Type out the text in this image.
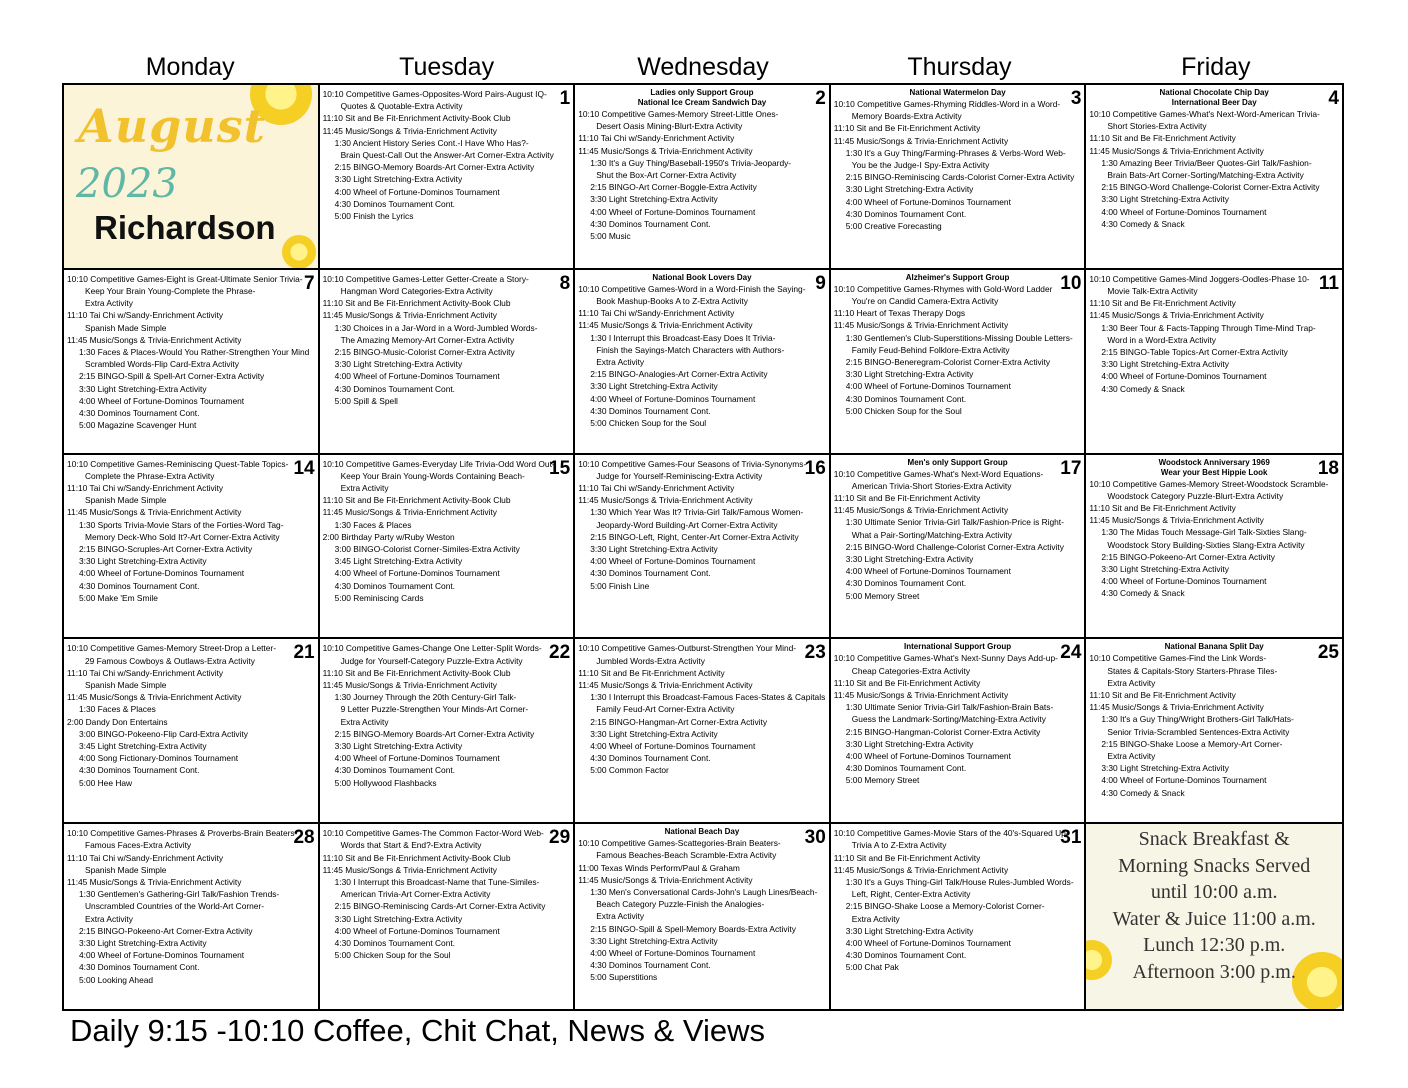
Monday	Tuesday	Wednesday	Thursday	Friday
August
2023
Richardson
1
10:10 Competitive Games-Opposites-Word Pairs-August IQ-
Quotes & Quotable-Extra Activity
11:10 Sit and Be Fit-Enrichment Activity-Book Club
11:45 Music/Songs & Trivia-Enrichment Activity
1:30 Ancient History Series Cont.-I Have Who Has?-
Brain Quest-Call Out the Answer-Art Corner-Extra Activity
2:15 BINGO-Memory Boards-Art Corner-Extra Activity
3:30 Light Stretching-Extra Activity
4:00 Wheel of Fortune-Dominos Tournament
4:30 Dominos Tournament Cont.
5:00 Finish the Lyrics
2
Ladies only Support Group
National Ice Cream Sandwich Day
10:10 Competitive Games-Memory Street-Little Ones-
Desert Oasis Mining-Blurt-Extra Activity
11:10 Tai Chi w/Sandy-Enrichment Activity
11:45 Music/Songs & Trivia-Enrichment Activity
1:30 It's a Guy Thing/Baseball-1950's Trivia-Jeopardy-
Shut the Box-Art Corner-Extra Activity
2:15 BINGO-Art Corner-Boggle-Extra Activity
3:30 Light Stretching-Extra Activity
4:00 Wheel of Fortune-Dominos Tournament
4:30 Dominos Tournament Cont.
5:00 Music
3
National Watermelon Day
10:10 Competitive Games-Rhyming Riddles-Word in a Word-
Memory Boards-Extra Activity
11:10 Sit and Be Fit-Enrichment Activity
11:45 Music/Songs & Trivia-Enrichment Activity
1:30 It's a Guy Thing/Farming-Phrases & Verbs-Word Web-
You be the Judge-I Spy-Extra Activity
2:15 BINGO-Reminiscing Cards-Colorist Corner-Extra Activity
3:30 Light Stretching-Extra Activity
4:00 Wheel of Fortune-Dominos Tournament
4:30 Dominos Tournament Cont.
5:00 Creative Forecasting
4
National Chocolate Chip Day
International Beer Day
10:10 Competitive Games-What's Next-Word-American Trivia-
Short Stories-Extra Activity
11:10 Sit and Be Fit-Enrichment Activity
11:45 Music/Songs & Trivia-Enrichment Activity
1:30 Amazing Beer Trivia/Beer Quotes-Girl Talk/Fashion-
Brain Bats-Art Corner-Sorting/Matching-Extra Activity
2:15 BINGO-Word Challenge-Colorist Corner-Extra Activity
3:30 Light Stretching-Extra Activity
4:00 Wheel of Fortune-Dominos Tournament
4:30 Comedy & Snack
7
10:10 Competitive Games-Eight is Great-Ultimate Senior Trivia-
Keep Your Brain Young-Complete the Phrase-
Extra Activity
11:10 Tai Chi w/Sandy-Enrichment Activity
Spanish Made Simple
11:45 Music/Songs & Trivia-Enrichment Activity
1:30 Faces & Places-Would You Rather-Strengthen Your Mind
Scrambled Words-Flip Card-Extra Activity
2:15 BINGO-Spill & Spell-Art Corner-Extra Activity
3:30 Light Stretching-Extra Activity
4:00 Wheel of Fortune-Dominos Tournament
4:30 Dominos Tournament Cont.
5:00 Magazine Scavenger Hunt
8
10:10 Competitive Games-Letter Getter-Create a Story-
Hangman Word Categories-Extra Activity
11:10 Sit and Be Fit-Enrichment Activity-Book Club
11:45 Music/Songs & Trivia-Enrichment Activity
1:30 Choices in a Jar-Word in a Word-Jumbled Words-
The Amazing Memory-Art Corner-Extra Activity
2:15 BINGO-Music-Colorist Corner-Extra Activity
3:30 Light Stretching-Extra Activity
4:00 Wheel of Fortune-Dominos Tournament
4:30 Dominos Tournament Cont.
5:00 Spill & Spell
9
National Book Lovers Day
10:10 Competitive Games-Word in a Word-Finish the Saying-
Book Mashup-Books A to Z-Extra Activity
11:10 Tai Chi w/Sandy-Enrichment Activity
11:45 Music/Songs & Trivia-Enrichment Activity
1:30 I Interrupt this Broadcast-Easy Does It Trivia-
Finish the Sayings-Match Characters with Authors-
Extra Activity
2:15 BINGO-Analogies-Art Corner-Extra Activity
3:30 Light Stretching-Extra Activity
4:00 Wheel of Fortune-Dominos Tournament
4:30 Dominos Tournament Cont.
5:00 Chicken Soup for the Soul
10
Alzheimer's Support Group
10:10 Competitive Games-Rhymes with Gold-Word Ladder
You're on Candid Camera-Extra Activity
11:10 Heart of Texas Therapy Dogs
11:45 Music/Songs & Trivia-Enrichment Activity
1:30 Gentlemen's Club-Superstitions-Missing Double Letters-
Family Feud-Behind Folklore-Extra Activity
2:15 BINGO-Beneregram-Colorist Corner-Extra Activity
3:30 Light Stretching-Extra Activity
4:00 Wheel of Fortune-Dominos Tournament
4:30 Dominos Tournament Cont.
5:00 Chicken Soup for the Soul
11
10:10 Competitive Games-Mind Joggers-Oodles-Phase 10-
Movie Talk-Extra Activity
11:10 Sit and Be Fit-Enrichment Activity
11:45 Music/Songs & Trivia-Enrichment Activity
1:30 Beer Tour & Facts-Tapping Through Time-Mind Trap-
Word in a Word-Extra Activity
2:15 BINGO-Table Topics-Art Corner-Extra Activity
3:30 Light Stretching-Extra Activity
4:00 Wheel of Fortune-Dominos Tournament
4:30 Comedy & Snack
14
10:10 Competitive Games-Reminiscing Quest-Table Topics-
Complete the Phrase-Extra Activity
11:10 Tai Chi w/Sandy-Enrichment Activity
Spanish Made Simple
11:45 Music/Songs & Trivia-Enrichment Activity
1:30 Sports Trivia-Movie Stars of the Forties-Word Tag-
Memory Deck-Who Sold It?-Art Corner-Extra Activity
2:15 BINGO-Scruples-Art Corner-Extra Activity
3:30 Light Stretching-Extra Activity
4:00 Wheel of Fortune-Dominos Tournament
4:30 Dominos Tournament Cont.
5:00 Make 'Em Smile
15
10:10 Competitive Games-Everyday Life Trivia-Odd Word Out-
Keep Your Brain Young-Words Containing Beach-
Extra Activity
11:10 Sit and Be Fit-Enrichment Activity-Book Club
11:45 Music/Songs & Trivia-Enrichment Activity
1:30 Faces & Places
2:00 Birthday Party w/Ruby Weston
3:00 BINGO-Colorist Corner-Similes-Extra Activity
3:45 Light Stretching-Extra Activity
4:00 Wheel of Fortune-Dominos Tournament
4:30 Dominos Tournament Cont.
5:00 Reminiscing Cards
16
10:10 Competitive Games-Four Seasons of Trivia-Synonyms-
Judge for Yourself-Reminiscing-Extra Activity
11:10 Tai Chi w/Sandy-Enrichment Activity
11:45 Music/Songs & Trivia-Enrichment Activity
1:30 Which Year Was It? Trivia-Girl Talk/Famous Women-
Jeopardy-Word Building-Art Corner-Extra Activity
2:15 BINGO-Left, Right, Center-Art Corner-Extra Activity
3:30 Light Stretching-Extra Activity
4:00 Wheel of Fortune-Dominos Tournament
4:30 Dominos Tournament Cont.
5:00 Finish Line
17
Men's only Support Group
10:10 Competitive Games-What's Next-Word Equations-
American Trivia-Short Stories-Extra Activity
11:10 Sit and Be Fit-Enrichment Activity
11:45 Music/Songs & Trivia-Enrichment Activity
1:30 Ultimate Senior Trivia-Girl Talk/Fashion-Price is Right-
What a Pair-Sorting/Matching-Extra Activity
2:15 BINGO-Word Challenge-Colorist Corner-Extra Activity
3:30 Light Stretching-Extra Activity
4:00 Wheel of Fortune-Dominos Tournament
4:30 Dominos Tournament Cont.
5:00 Memory Street
18
Woodstock Anniversary 1969
Wear your Best Hippie Look
10:10 Competitive Games-Memory Street-Woodstock Scramble-
Woodstock Category Puzzle-Blurt-Extra Activity
11:10 Sit and Be Fit-Enrichment Activity
11:45 Music/Songs & Trivia-Enrichment Activity
1:30 The Midas Touch Message-Girl Talk-Sixties Slang-
Woodstock Story Building-Sixties Slang-Extra Activity
2:15 BINGO-Pokeeno-Art Corner-Extra Activity
3:30 Light Stretching-Extra Activity
4:00 Wheel of Fortune-Dominos Tournament
4:30 Comedy & Snack
21
10:10 Competitive Games-Memory Street-Drop a Letter-
29 Famous Cowboys & Outlaws-Extra Activity
11:10 Tai Chi w/Sandy-Enrichment Activity
Spanish Made Simple
11:45 Music/Songs & Trivia-Enrichment Activity
1:30 Faces & Places
2:00 Dandy Don Entertains
3:00 BINGO-Pokeeno-Flip Card-Extra Activity
3:45 Light Stretching-Extra Activity
4:00 Song Fictionary-Dominos Tournament
4:30 Dominos Tournament Cont.
5:00 Hee Haw
22
10:10 Competitive Games-Change One Letter-Split Words-
Judge for Yourself-Category Puzzle-Extra Activity
11:10 Sit and Be Fit-Enrichment Activity-Book Club
11:45 Music/Songs & Trivia-Enrichment Activity
1:30 Journey Through the 20th Century-Girl Talk-
9 Letter Puzzle-Strengthen Your Minds-Art Corner-
Extra Activity
2:15 BINGO-Memory Boards-Art Corner-Extra Activity
3:30 Light Stretching-Extra Activity
4:00 Wheel of Fortune-Dominos Tournament
4:30 Dominos Tournament Cont.
5:00 Hollywood Flashbacks
23
10:10 Competitive Games-Outburst-Strengthen Your Mind-
Jumbled Words-Extra Activity
11:10 Sit and Be Fit-Enrichment Activity
11:45 Music/Songs & Trivia-Enrichment Activity
1:30 I Interrupt this Broadcast-Famous Faces-States & Capitals
Family Feud-Art Corner-Extra Activity
2:15 BINGO-Hangman-Art Corner-Extra Activity
3:30 Light Stretching-Extra Activity
4:00 Wheel of Fortune-Dominos Tournament
4:30 Dominos Tournament Cont.
5:00 Common Factor
24
International Support Group
10:10 Competitive Games-What's Next-Sunny Days Add-up-
Cheap Categories-Extra Activity
11:10 Sit and Be Fit-Enrichment Activity
11:45 Music/Songs & Trivia-Enrichment Activity
1:30 Ultimate Senior Trivia-Girl Talk/Fashion-Brain Bats-
Guess the Landmark-Sorting/Matching-Extra Activity
2:15 BINGO-Hangman-Colorist Corner-Extra Activity
3:30 Light Stretching-Extra Activity
4:00 Wheel of Fortune-Dominos Tournament
4:30 Dominos Tournament Cont.
5:00 Memory Street
25
National Banana Split Day
10:10 Competitive Games-Find the Link Words-
States & Capitals-Story Starters-Phrase Tiles-
Extra Activity
11:10 Sit and Be Fit-Enrichment Activity
11:45 Music/Songs & Trivia-Enrichment Activity
1:30 It's a Guy Thing/Wright Brothers-Girl Talk/Hats-
Senior Trivia-Scrambled Sentences-Extra Activity
2:15 BINGO-Shake Loose a Memory-Art Corner-
Extra Activity
3:30 Light Stretching-Extra Activity
4:00 Wheel of Fortune-Dominos Tournament
4:30 Comedy & Snack
28
10:10 Competitive Games-Phrases & Proverbs-Brain Beaters-
Famous Faces-Extra Activity
11:10 Tai Chi w/Sandy-Enrichment Activity
Spanish Made Simple
11:45 Music/Songs & Trivia-Enrichment Activity
1:30 Gentlemen's Gathering-Girl Talk/Fashion Trends-
Unscrambled Countries of the World-Art Corner-
Extra Activity
2:15 BINGO-Pokeeno-Art Corner-Extra Activity
3:30 Light Stretching-Extra Activity
4:00 Wheel of Fortune-Dominos Tournament
4:30 Dominos Tournament Cont.
5:00 Looking Ahead
29
10:10 Competitive Games-The Common Factor-Word Web-
Words that Start & End?-Extra Activity
11:10 Sit and Be Fit-Enrichment Activity-Book Club
11:45 Music/Songs & Trivia-Enrichment Activity
1:30 I Interrupt this Broadcast-Name that Tune-Similes-
American Trivia-Art Corner-Extra Activity
2:15 BINGO-Reminiscing Cards-Art Corner-Extra Activity
3:30 Light Stretching-Extra Activity
4:00 Wheel of Fortune-Dominos Tournament
4:30 Dominos Tournament Cont.
5:00 Chicken Soup for the Soul
30
National Beach Day
10:10 Competitive Games-Scattegories-Brain Beaters-
Famous Beaches-Beach Scramble-Extra Activity
11:00 Texas Winds Perform/Paul & Graham
11:45 Music/Songs & Trivia-Enrichment Activity
1:30 Men's Conversational Cards-John's Laugh Lines/Beach-
Beach Category Puzzle-Finish the Analogies-
Extra Activity
2:15 BINGO-Spill & Spell-Memory Boards-Extra Activity
3:30 Light Stretching-Extra Activity
4:00 Wheel of Fortune-Dominos Tournament
4:30 Dominos Tournament Cont.
5:00 Superstitions
31
10:10 Competitive Games-Movie Stars of the 40's-Squared Up-
Trivia A to Z-Extra Activity
11:10 Sit and Be Fit-Enrichment Activity
11:45 Music/Songs & Trivia-Enrichment Activity
1:30 It's a Guys Thing-Girl Talk/House Rules-Jumbled Words-
Left, Right, Center-Extra Activity
2:15 BINGO-Shake Loose a Memory-Colorist Corner-
Extra Activity
3:30 Light Stretching-Extra Activity
4:00 Wheel of Fortune-Dominos Tournament
4:30 Dominos Tournament Cont.
5:00 Chat Pak
Snack Breakfast &
Morning Snacks Served
until 10:00 a.m.
Water & Juice 11:00 a.m.
Lunch 12:30 p.m.
Afternoon 3:00 p.m.
Daily 9:15 -10:10 Coffee, Chit Chat, News & Views
